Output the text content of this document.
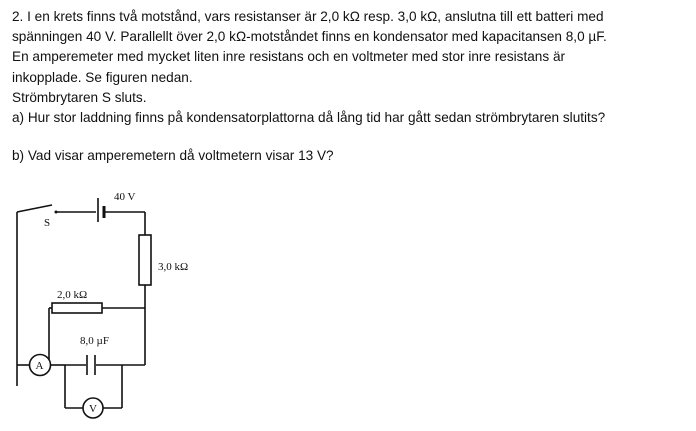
2. I en krets finns två motstånd, vars resistanser är 2,0 kΩ resp. 3,0 kΩ, anslutna till ett batteri med

spänningen 40 V. Parallellt över 2,0 kΩ-motståndet finns en kondensator med kapacitansen 8,0 µF.

En amperemeter med mycket liten inre resistans och en voltmeter med stor inre resistans är

inkopplade. Se figuren nedan.

Strömbrytaren S sluts.

a) Hur stor laddning finns på kondensatorplattorna då lång tid har gått sedan strömbrytaren slutits?

b) Vad visar amperemetern då voltmetern visar 13 V?

40 V
S
3,0 kΩ
2,0 kΩ
8,0 µF
A
V
